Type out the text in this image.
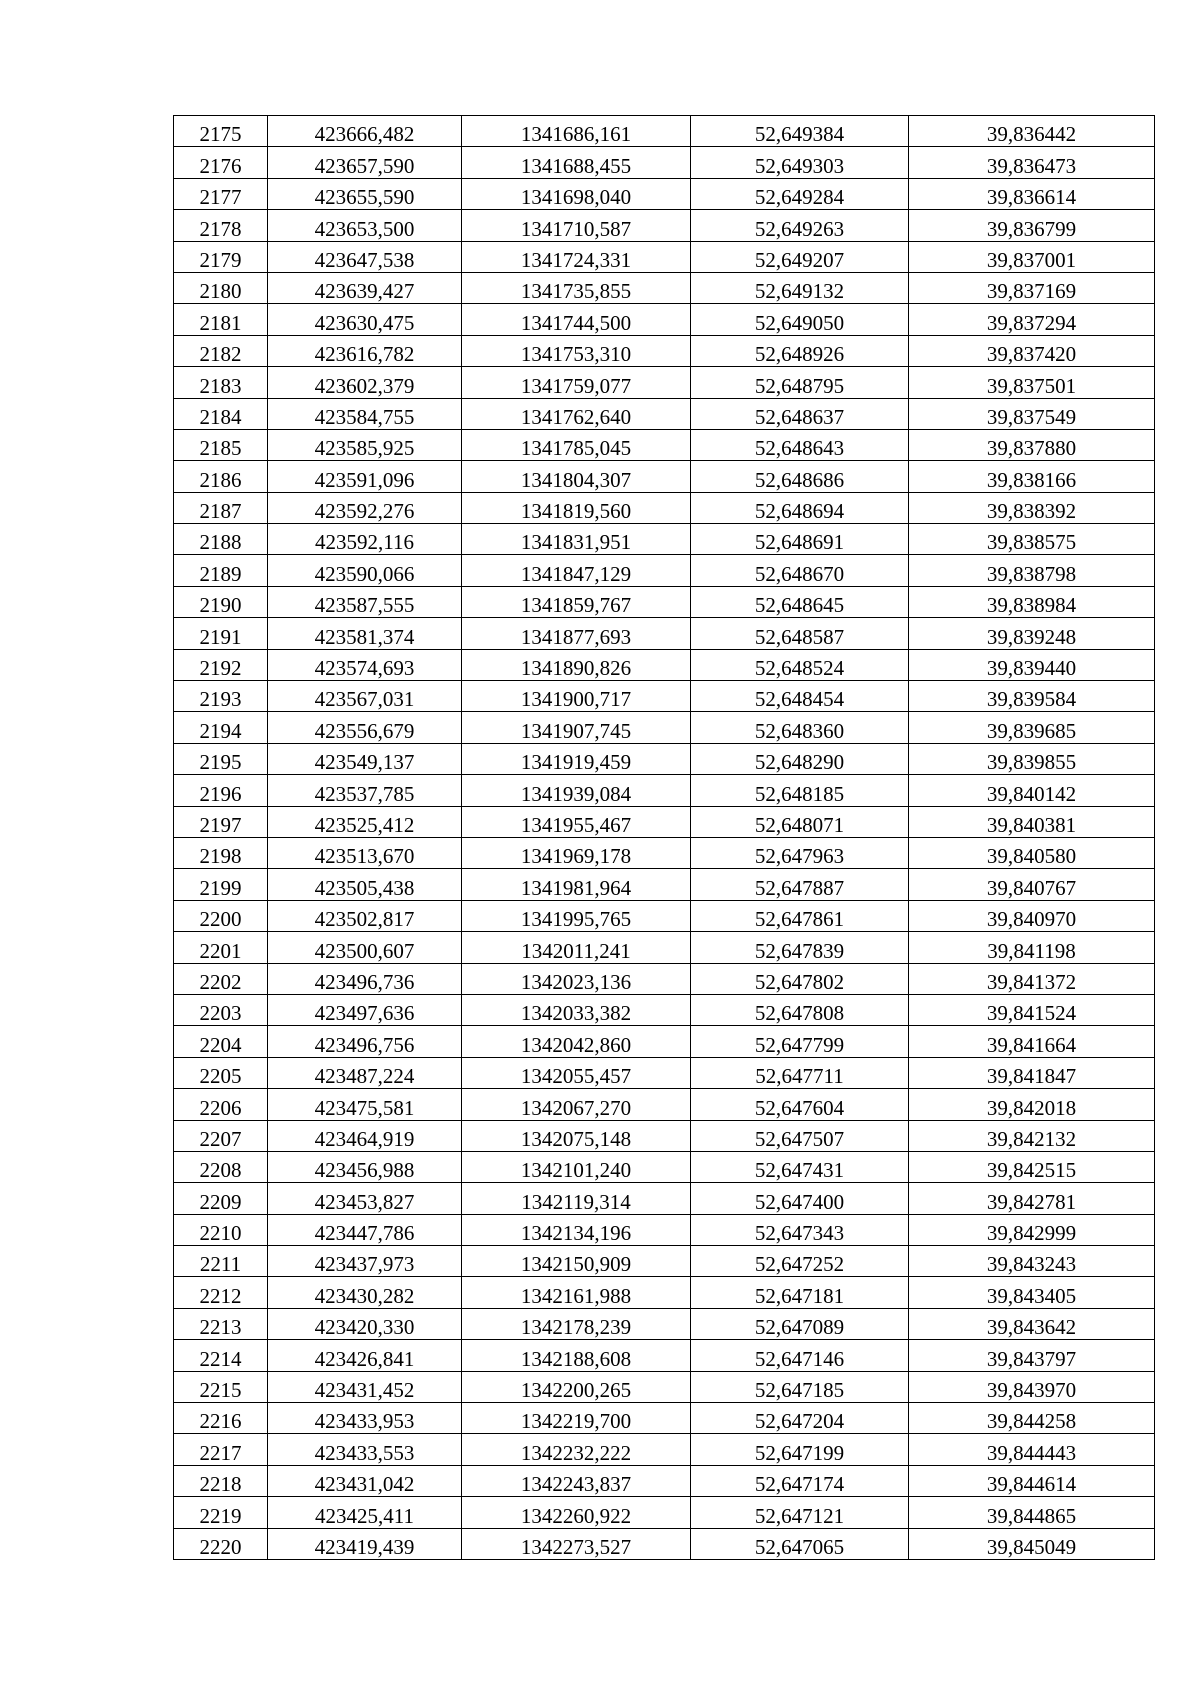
2175	423666,482	1341686,161	52,649384	39,836442
2176	423657,590	1341688,455	52,649303	39,836473
2177	423655,590	1341698,040	52,649284	39,836614
2178	423653,500	1341710,587	52,649263	39,836799
2179	423647,538	1341724,331	52,649207	39,837001
2180	423639,427	1341735,855	52,649132	39,837169
2181	423630,475	1341744,500	52,649050	39,837294
2182	423616,782	1341753,310	52,648926	39,837420
2183	423602,379	1341759,077	52,648795	39,837501
2184	423584,755	1341762,640	52,648637	39,837549
2185	423585,925	1341785,045	52,648643	39,837880
2186	423591,096	1341804,307	52,648686	39,838166
2187	423592,276	1341819,560	52,648694	39,838392
2188	423592,116	1341831,951	52,648691	39,838575
2189	423590,066	1341847,129	52,648670	39,838798
2190	423587,555	1341859,767	52,648645	39,838984
2191	423581,374	1341877,693	52,648587	39,839248
2192	423574,693	1341890,826	52,648524	39,839440
2193	423567,031	1341900,717	52,648454	39,839584
2194	423556,679	1341907,745	52,648360	39,839685
2195	423549,137	1341919,459	52,648290	39,839855
2196	423537,785	1341939,084	52,648185	39,840142
2197	423525,412	1341955,467	52,648071	39,840381
2198	423513,670	1341969,178	52,647963	39,840580
2199	423505,438	1341981,964	52,647887	39,840767
2200	423502,817	1341995,765	52,647861	39,840970
2201	423500,607	1342011,241	52,647839	39,841198
2202	423496,736	1342023,136	52,647802	39,841372
2203	423497,636	1342033,382	52,647808	39,841524
2204	423496,756	1342042,860	52,647799	39,841664
2205	423487,224	1342055,457	52,647711	39,841847
2206	423475,581	1342067,270	52,647604	39,842018
2207	423464,919	1342075,148	52,647507	39,842132
2208	423456,988	1342101,240	52,647431	39,842515
2209	423453,827	1342119,314	52,647400	39,842781
2210	423447,786	1342134,196	52,647343	39,842999
2211	423437,973	1342150,909	52,647252	39,843243
2212	423430,282	1342161,988	52,647181	39,843405
2213	423420,330	1342178,239	52,647089	39,843642
2214	423426,841	1342188,608	52,647146	39,843797
2215	423431,452	1342200,265	52,647185	39,843970
2216	423433,953	1342219,700	52,647204	39,844258
2217	423433,553	1342232,222	52,647199	39,844443
2218	423431,042	1342243,837	52,647174	39,844614
2219	423425,411	1342260,922	52,647121	39,844865
2220	423419,439	1342273,527	52,647065	39,845049
